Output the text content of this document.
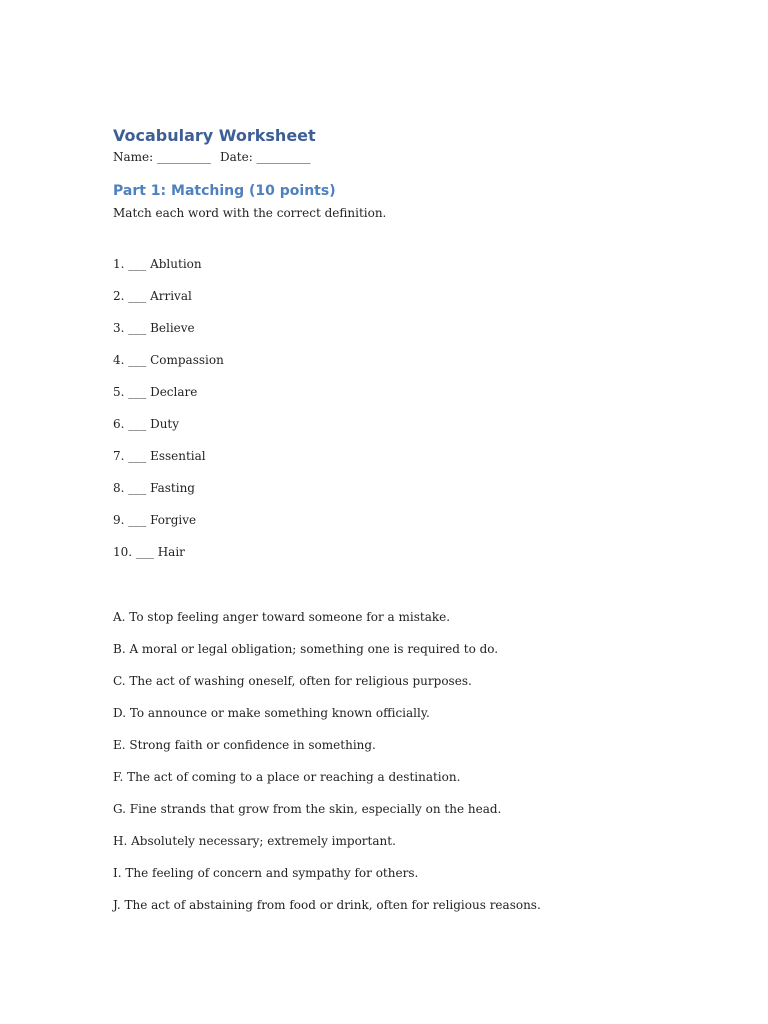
Vocabulary Worksheet
Name: _________ Date: _________
Part 1: Matching (10 points)
Match each word with the correct definition.
1. ___ Ablution
2. ___ Arrival
3. ___ Believe
4. ___ Compassion
5. ___ Declare
6. ___ Duty
7. ___ Essential
8. ___ Fasting
9. ___ Forgive
10. ___ Hair
A. To stop feeling anger toward someone for a mistake.
B. A moral or legal obligation; something one is required to do.
C. The act of washing oneself, often for religious purposes.
D. To announce or make something known officially.
E. Strong faith or confidence in something.
F. The act of coming to a place or reaching a destination.
G. Fine strands that grow from the skin, especially on the head.
H. Absolutely necessary; extremely important.
I. The feeling of concern and sympathy for others.
J. The act of abstaining from food or drink, often for religious reasons.
